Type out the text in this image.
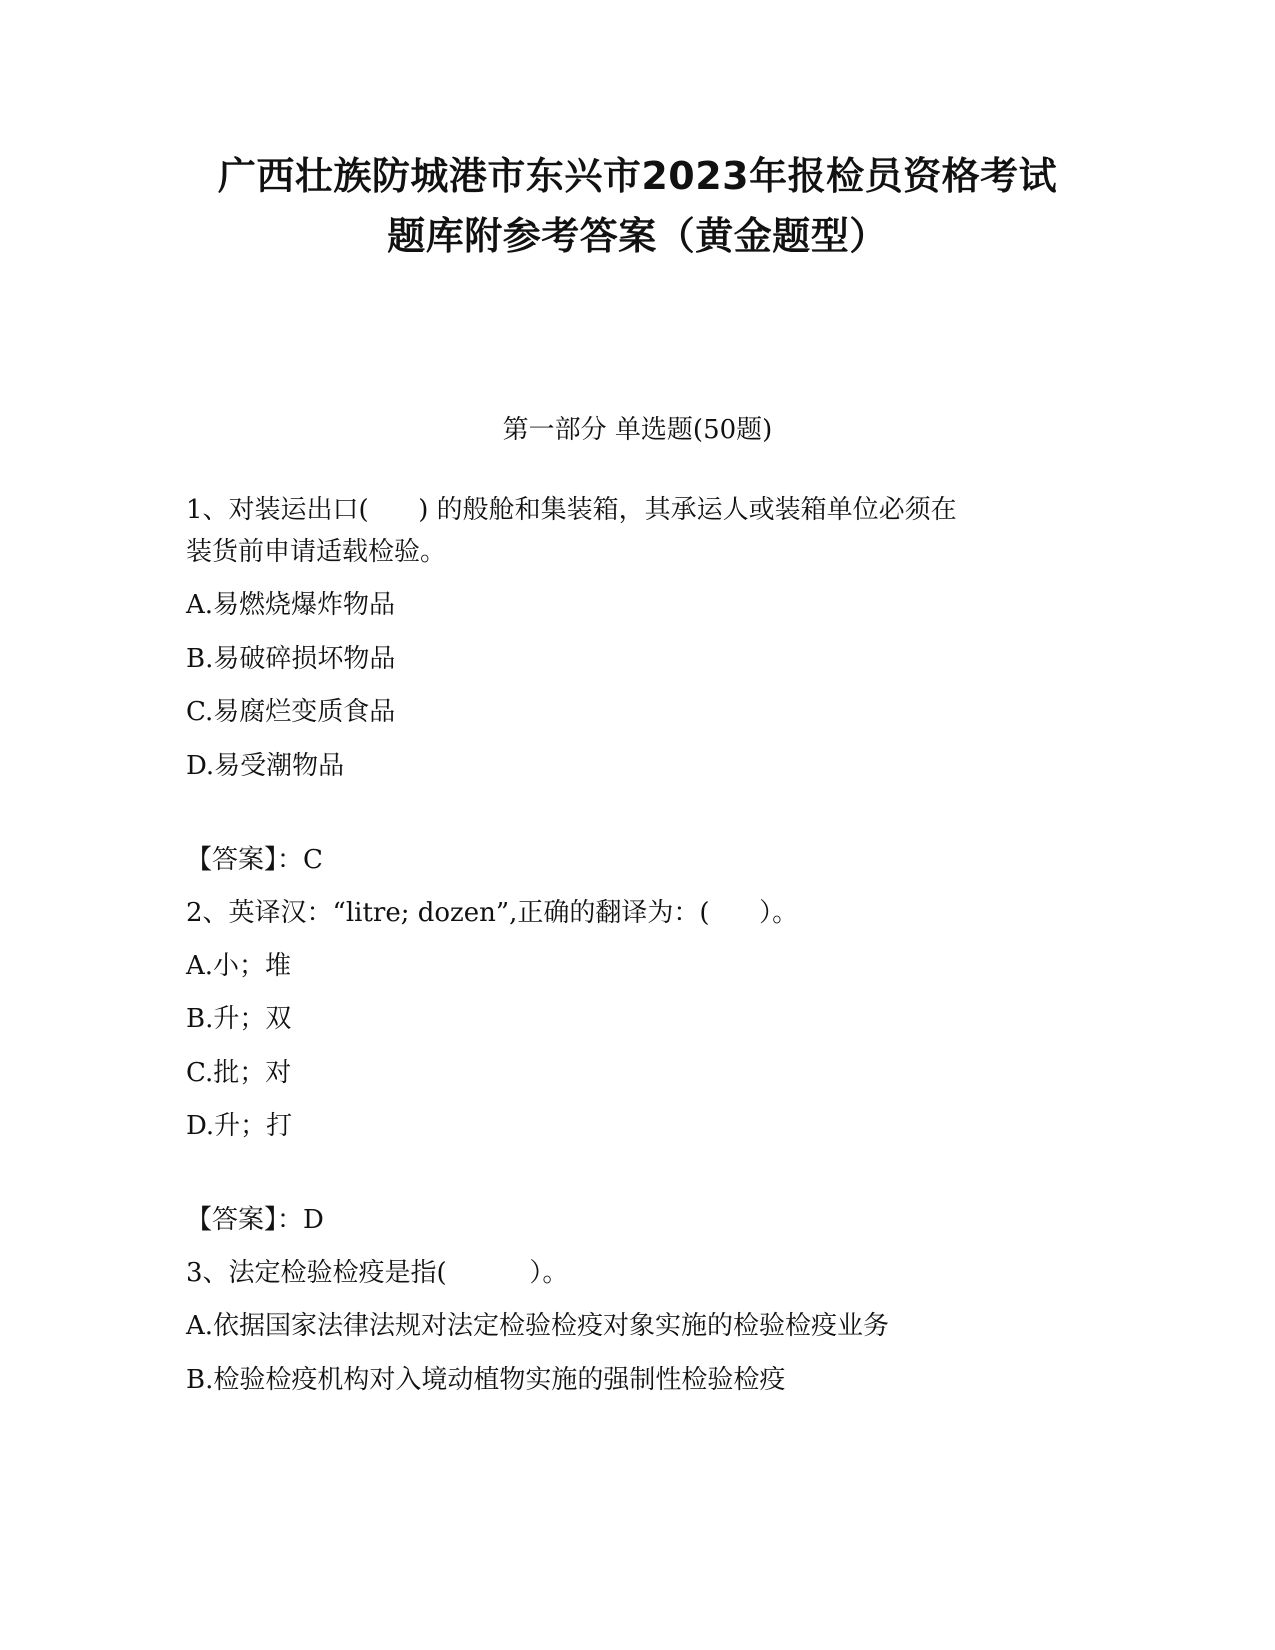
广西壮族防城港市东兴市2023年报检员资格考试
题库附参考答案（黄金题型）
第一部分 单选题(50题)
1、对装运出口(      ) 的般舱和集装箱，其承运人或装箱单位必须在
装货前申请适载检验。
A.易燃烧爆炸物品
B.易破碎损坏物品
C.易腐烂变质食品
D.易受潮物品
【答案】：C
2、英译汉：“litre; dozen”,正确的翻译为：(      ）。
A.小；堆
B.升；双
C.批；对
D.升；打
【答案】：D
3、法定检验检疫是指(          ）。
A.依据国家法律法规对法定检验检疫对象实施的检验检疫业务
B.检验检疫机构对入境动植物实施的强制性检验检疫
